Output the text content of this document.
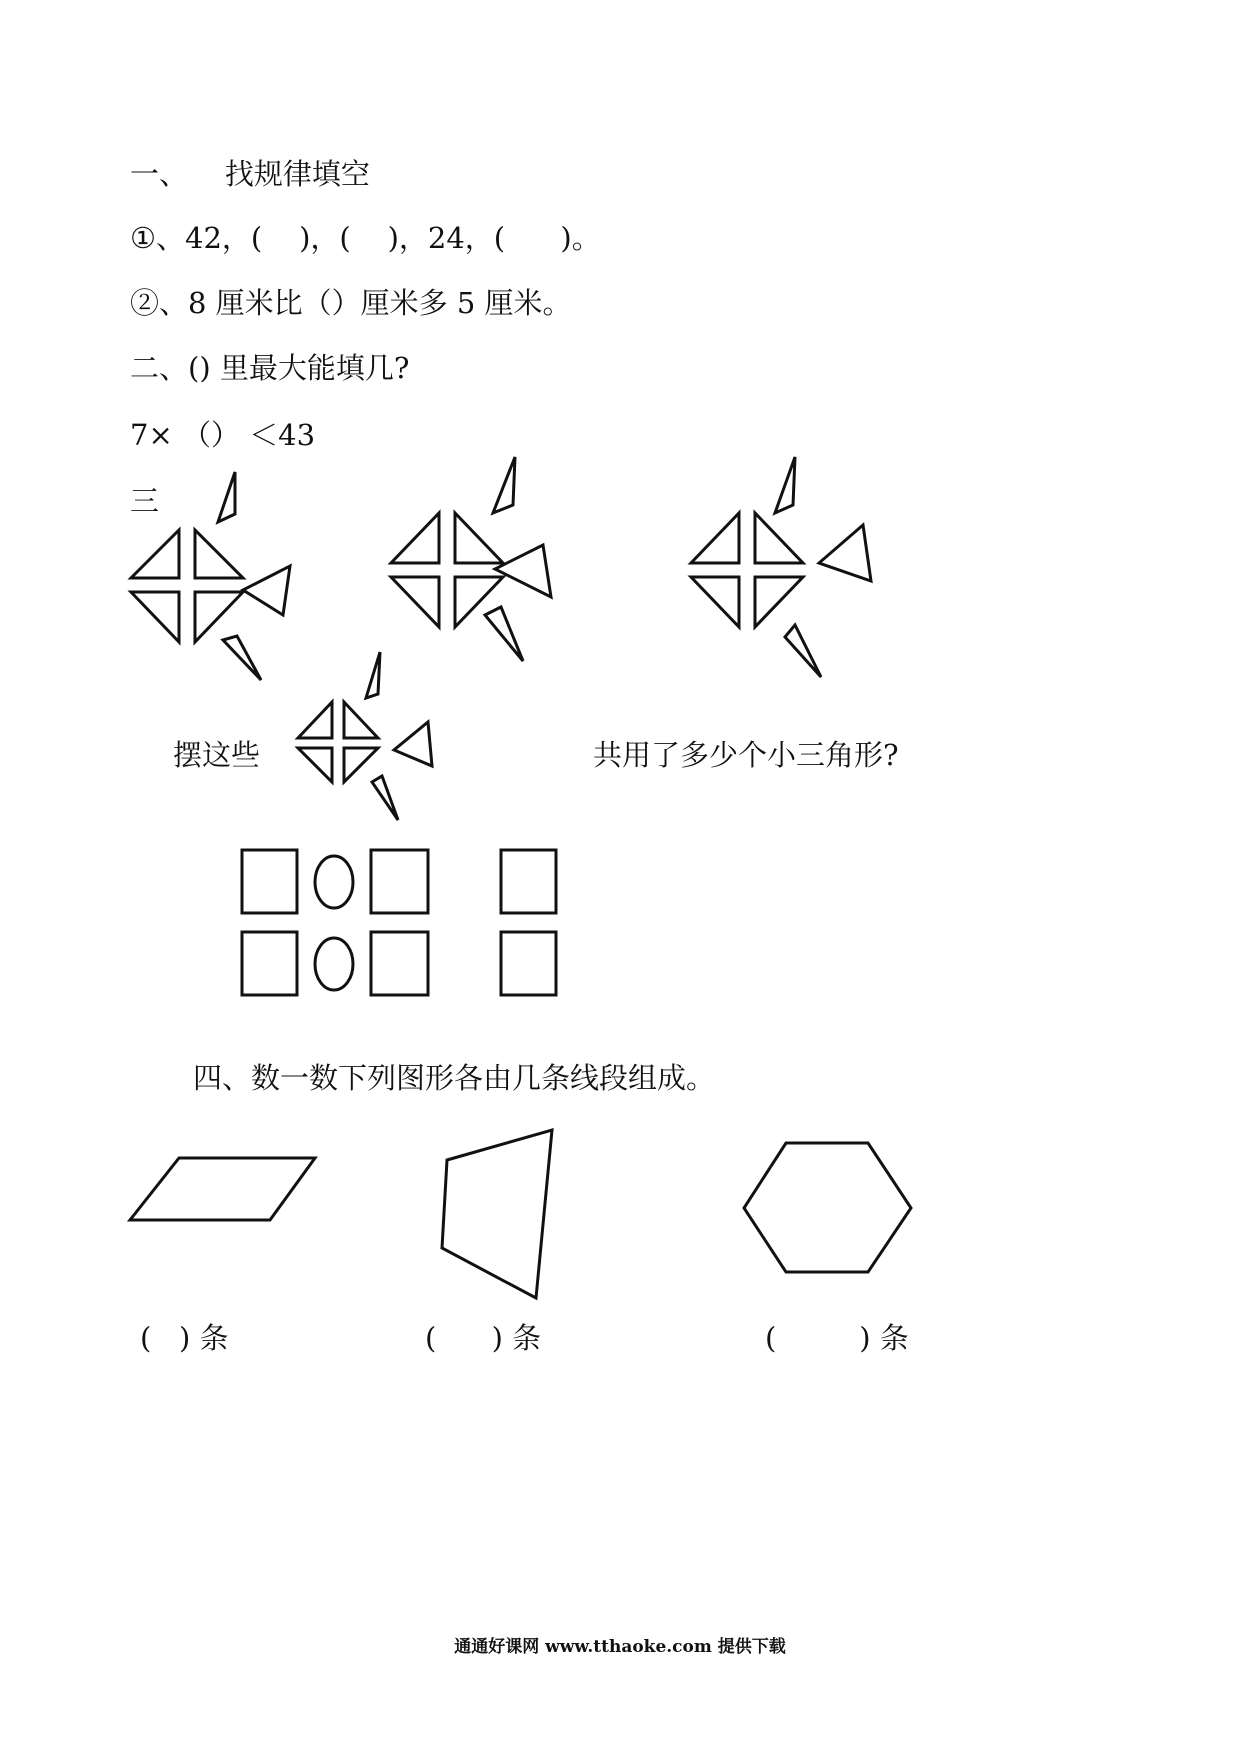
一、    找规律填空
①、42，(    )，(    )，24，(      )。
②、8 厘米比（）厘米多 5 厘米。
二、() 里最大能填几?
7× （） ＜43
三
摆这些	共用了多少个小三角形?
四、数一数下列图形各由几条线段组成。
(   ) 条	(      ) 条	(         ) 条
通通好课网 www.tthaoke.com 提供下载
